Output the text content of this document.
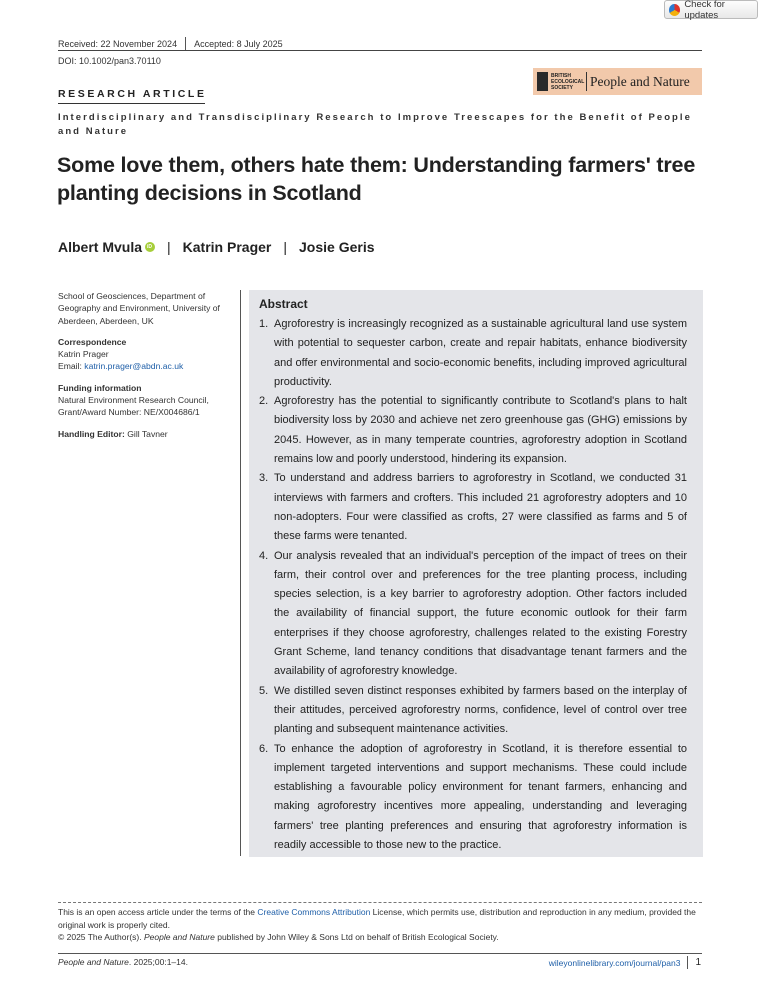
Check for updates
Received: 22 November 2024 Accepted: 8 July 2025
DOI: 10.1002/pan3.70110
BRITISH ECOLOGICAL SOCIETY	People and Nature
RESEARCH ARTICLE
Interdisciplinary and Transdisciplinary Research to Improve Treescapes for the Benefit of People and Nature
Some love them, others hate them: Understanding farmers' tree planting decisions in Scotland
Albert Mvula
iD | Katrin Prager | Josie Geris
School of Geosciences, Department of Geography and Environment, University of Aberdeen, Aberdeen, UK
Correspondence
Katrin Prager
Email: katrin.prager@abdn.ac.uk
Funding information
Natural Environment Research Council, Grant/Award Number: NE/X004686/1
Handling Editor: Gill Tavner
Abstract
1. Agroforestry is increasingly recognized as a sustainable agricultural land use system with potential to sequester carbon, create and repair habitats, enhance biodiversity and offer environmental and socio-economic benefits, including improved agricultural productivity.
2. Agroforestry has the potential to significantly contribute to Scotland's plans to halt biodiversity loss by 2030 and achieve net zero greenhouse gas (GHG) emissions by 2045. However, as in many temperate countries, agroforestry adoption in Scotland remains low and poorly understood, hindering its expansion.
3. To understand and address barriers to agroforestry in Scotland, we conducted 31 interviews with farmers and crofters. This included 21 agroforestry adopters and 10 non-adopters. Four were classified as crofts, 27 were classified as farms and 5 of these farms were tenanted.
4. Our analysis revealed that an individual's perception of the impact of trees on their farm, their control over and preferences for the tree planting process, including species selection, is a key barrier to agroforestry adoption. Other factors included the availability of financial support, the future economic outlook for their farm enterprises if they choose agroforestry, challenges related to the existing Forestry Grant Scheme, land tenancy conditions that disadvantage tenant farmers and the availability of agroforestry knowledge.
5. We distilled seven distinct responses exhibited by farmers based on the interplay of their attitudes, perceived agroforestry norms, confidence, level of control over tree planting and subsequent maintenance activities.
6. To enhance the adoption of agroforestry in Scotland, it is therefore essential to implement targeted interventions and support mechanisms. These could include establishing a favourable policy environment for tenant farmers, enhancing and making agroforestry incentives more appealing, understanding and leveraging farmers' tree planting preferences and ensuring that agroforestry information is readily accessible to those new to the practice.
This is an open access article under the terms of the Creative Commons Attribution License, which permits use, distribution and reproduction in any medium, provided the original work is properly cited.
© 2025 The Author(s). People and Nature published by John Wiley & Sons Ltd on behalf of British Ecological Society.
People and Nature. 2025;00:1–14.	wileyonlinelibrary.com/journal/pan3 1
